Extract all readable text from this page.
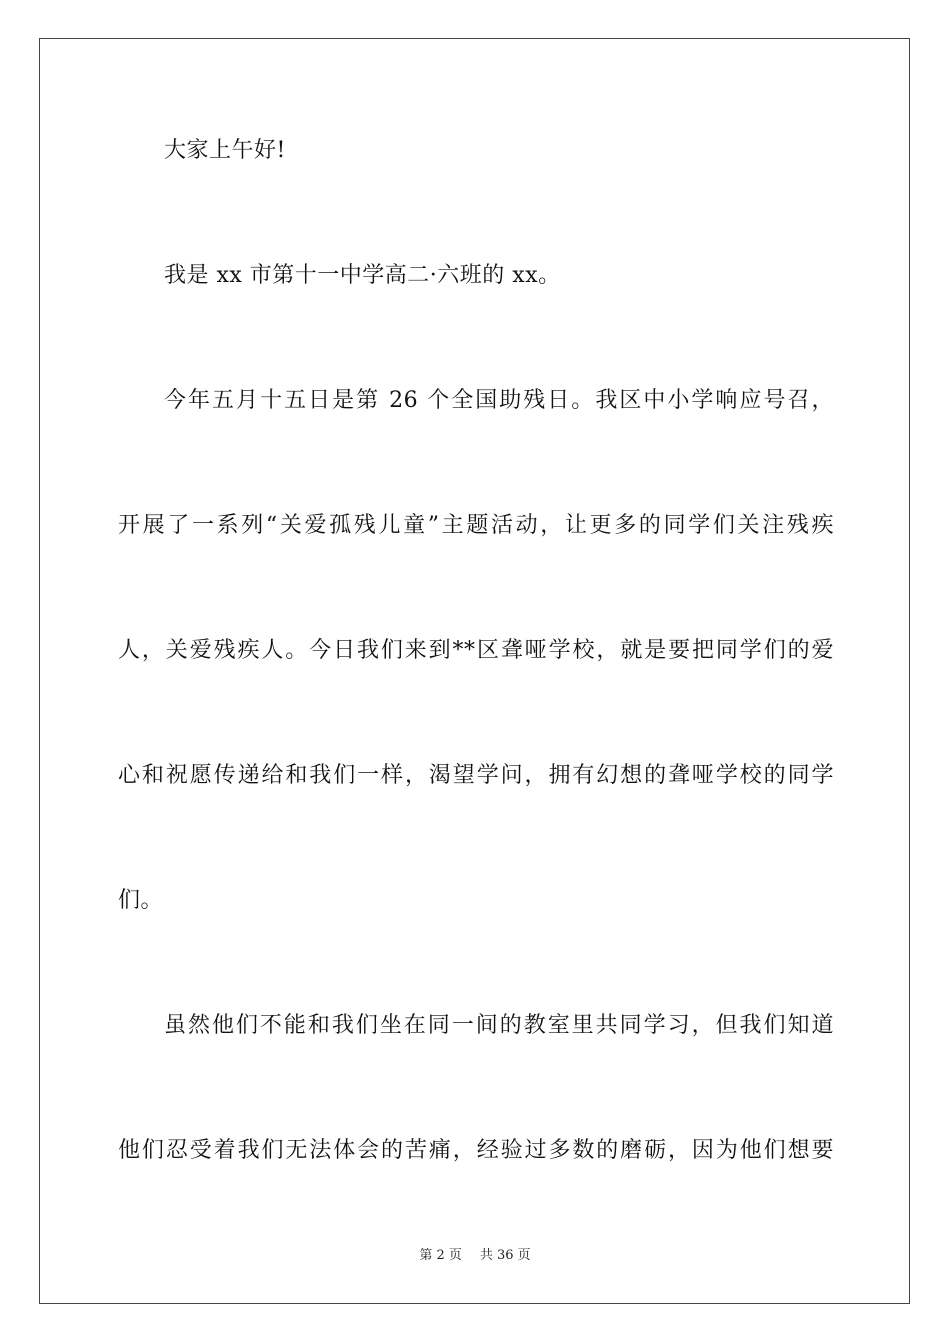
大家上午好!
我是 xx 市第十一中学高二·六班的 xx。
今年五月十五日是第 26 个全国助残日。我区中小学响应号召，
开展了一系列“关爱孤残儿童”主题活动，让更多的同学们关注残疾
人，关爱残疾人。今日我们来到**区聋哑学校，就是要把同学们的爱
心和祝愿传递给和我们一样，渴望学问，拥有幻想的聋哑学校的同学
们。
虽然他们不能和我们坐在同一间的教室里共同学习，但我们知道
他们忍受着我们无法体会的苦痛，经验过多数的磨砺，因为他们想要
第 2 页 共 36 页
